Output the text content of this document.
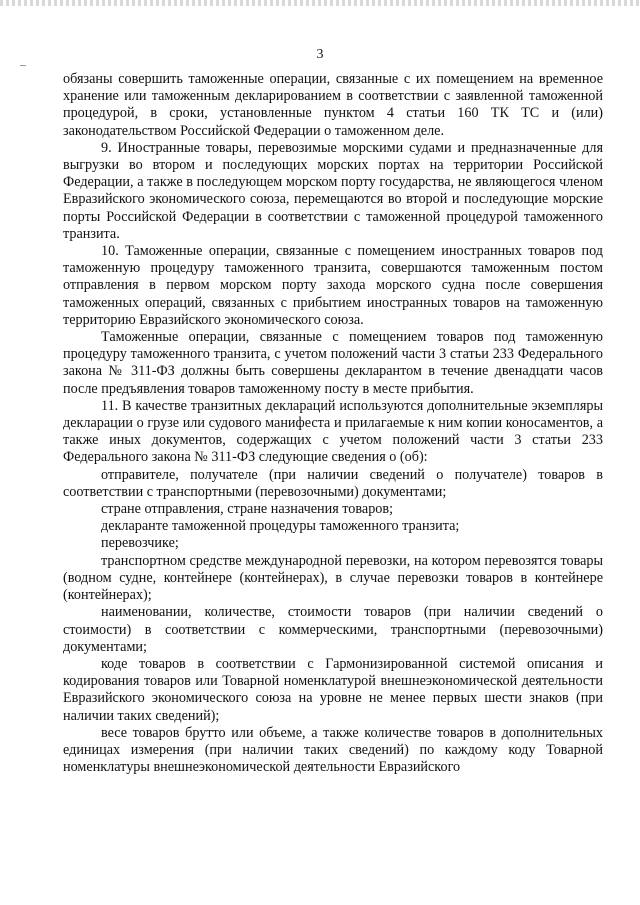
3

обязаны совершить таможенные операции, связанные с их помещением на временное хранение или таможенным декларированием в соответствии с заявленной таможенной процедурой, в сроки, установленные пунктом 4 статьи 160 ТК ТС и (или) законодательством Российской Федерации о таможенном деле.

9. Иностранные товары, перевозимые морскими судами и предназначенные для выгрузки во втором и последующих морских портах на территории Российской Федерации, а также в последующем морском порту государства, не являющегося членом Евразийского экономического союза, перемещаются во второй и последующие морские порты Российской Федерации в соответствии с таможенной процедурой таможенного транзита.

10. Таможенные операции, связанные с помещением иностранных товаров под таможенную процедуру таможенного транзита, совершаются таможенным постом отправления в первом морском порту захода морского судна после совершения таможенных операций, связанных с прибытием иностранных товаров на таможенную территорию Евразийского экономического союза.

Таможенные операции, связанные с помещением товаров под таможенную процедуру таможенного транзита, с учетом положений части 3 статьи 233 Федерального закона № 311-ФЗ должны быть совершены декларантом в течение двенадцати часов после предъявления товаров таможенному посту в месте прибытия.

11. В качестве транзитных деклараций используются дополнительные экземпляры декларации о грузе или судового манифеста и прилагаемые к ним копии коносаментов, а также иных документов, содержащих с учетом положений части 3 статьи 233 Федерального закона № 311-ФЗ следующие сведения о (об):

отправителе, получателе (при наличии сведений о получателе) товаров в соответствии с транспортными (перевозочными) документами;

стране отправления, стране назначения товаров;

декларанте таможенной процедуры таможенного транзита;

перевозчике;

транспортном средстве международной перевозки, на котором перевозятся товары (водном судне, контейнере (контейнерах), в случае перевозки товаров в контейнере (контейнерах);

наименовании, количестве, стоимости товаров (при наличии сведений о стоимости) в соответствии с коммерческими, транспортными (перевозочными) документами;

коде товаров в соответствии с Гармонизированной системой описания и кодирования товаров или Товарной номенклатурой внешнеэкономической деятельности Евразийского экономического союза на уровне не менее первых шести знаков (при наличии таких сведений);

весе товаров брутто или объеме, а также количестве товаров в дополнительных единицах измерения (при наличии таких сведений) по каждому коду Товарной номенклатуры внешнеэкономической деятельности Евразийского
